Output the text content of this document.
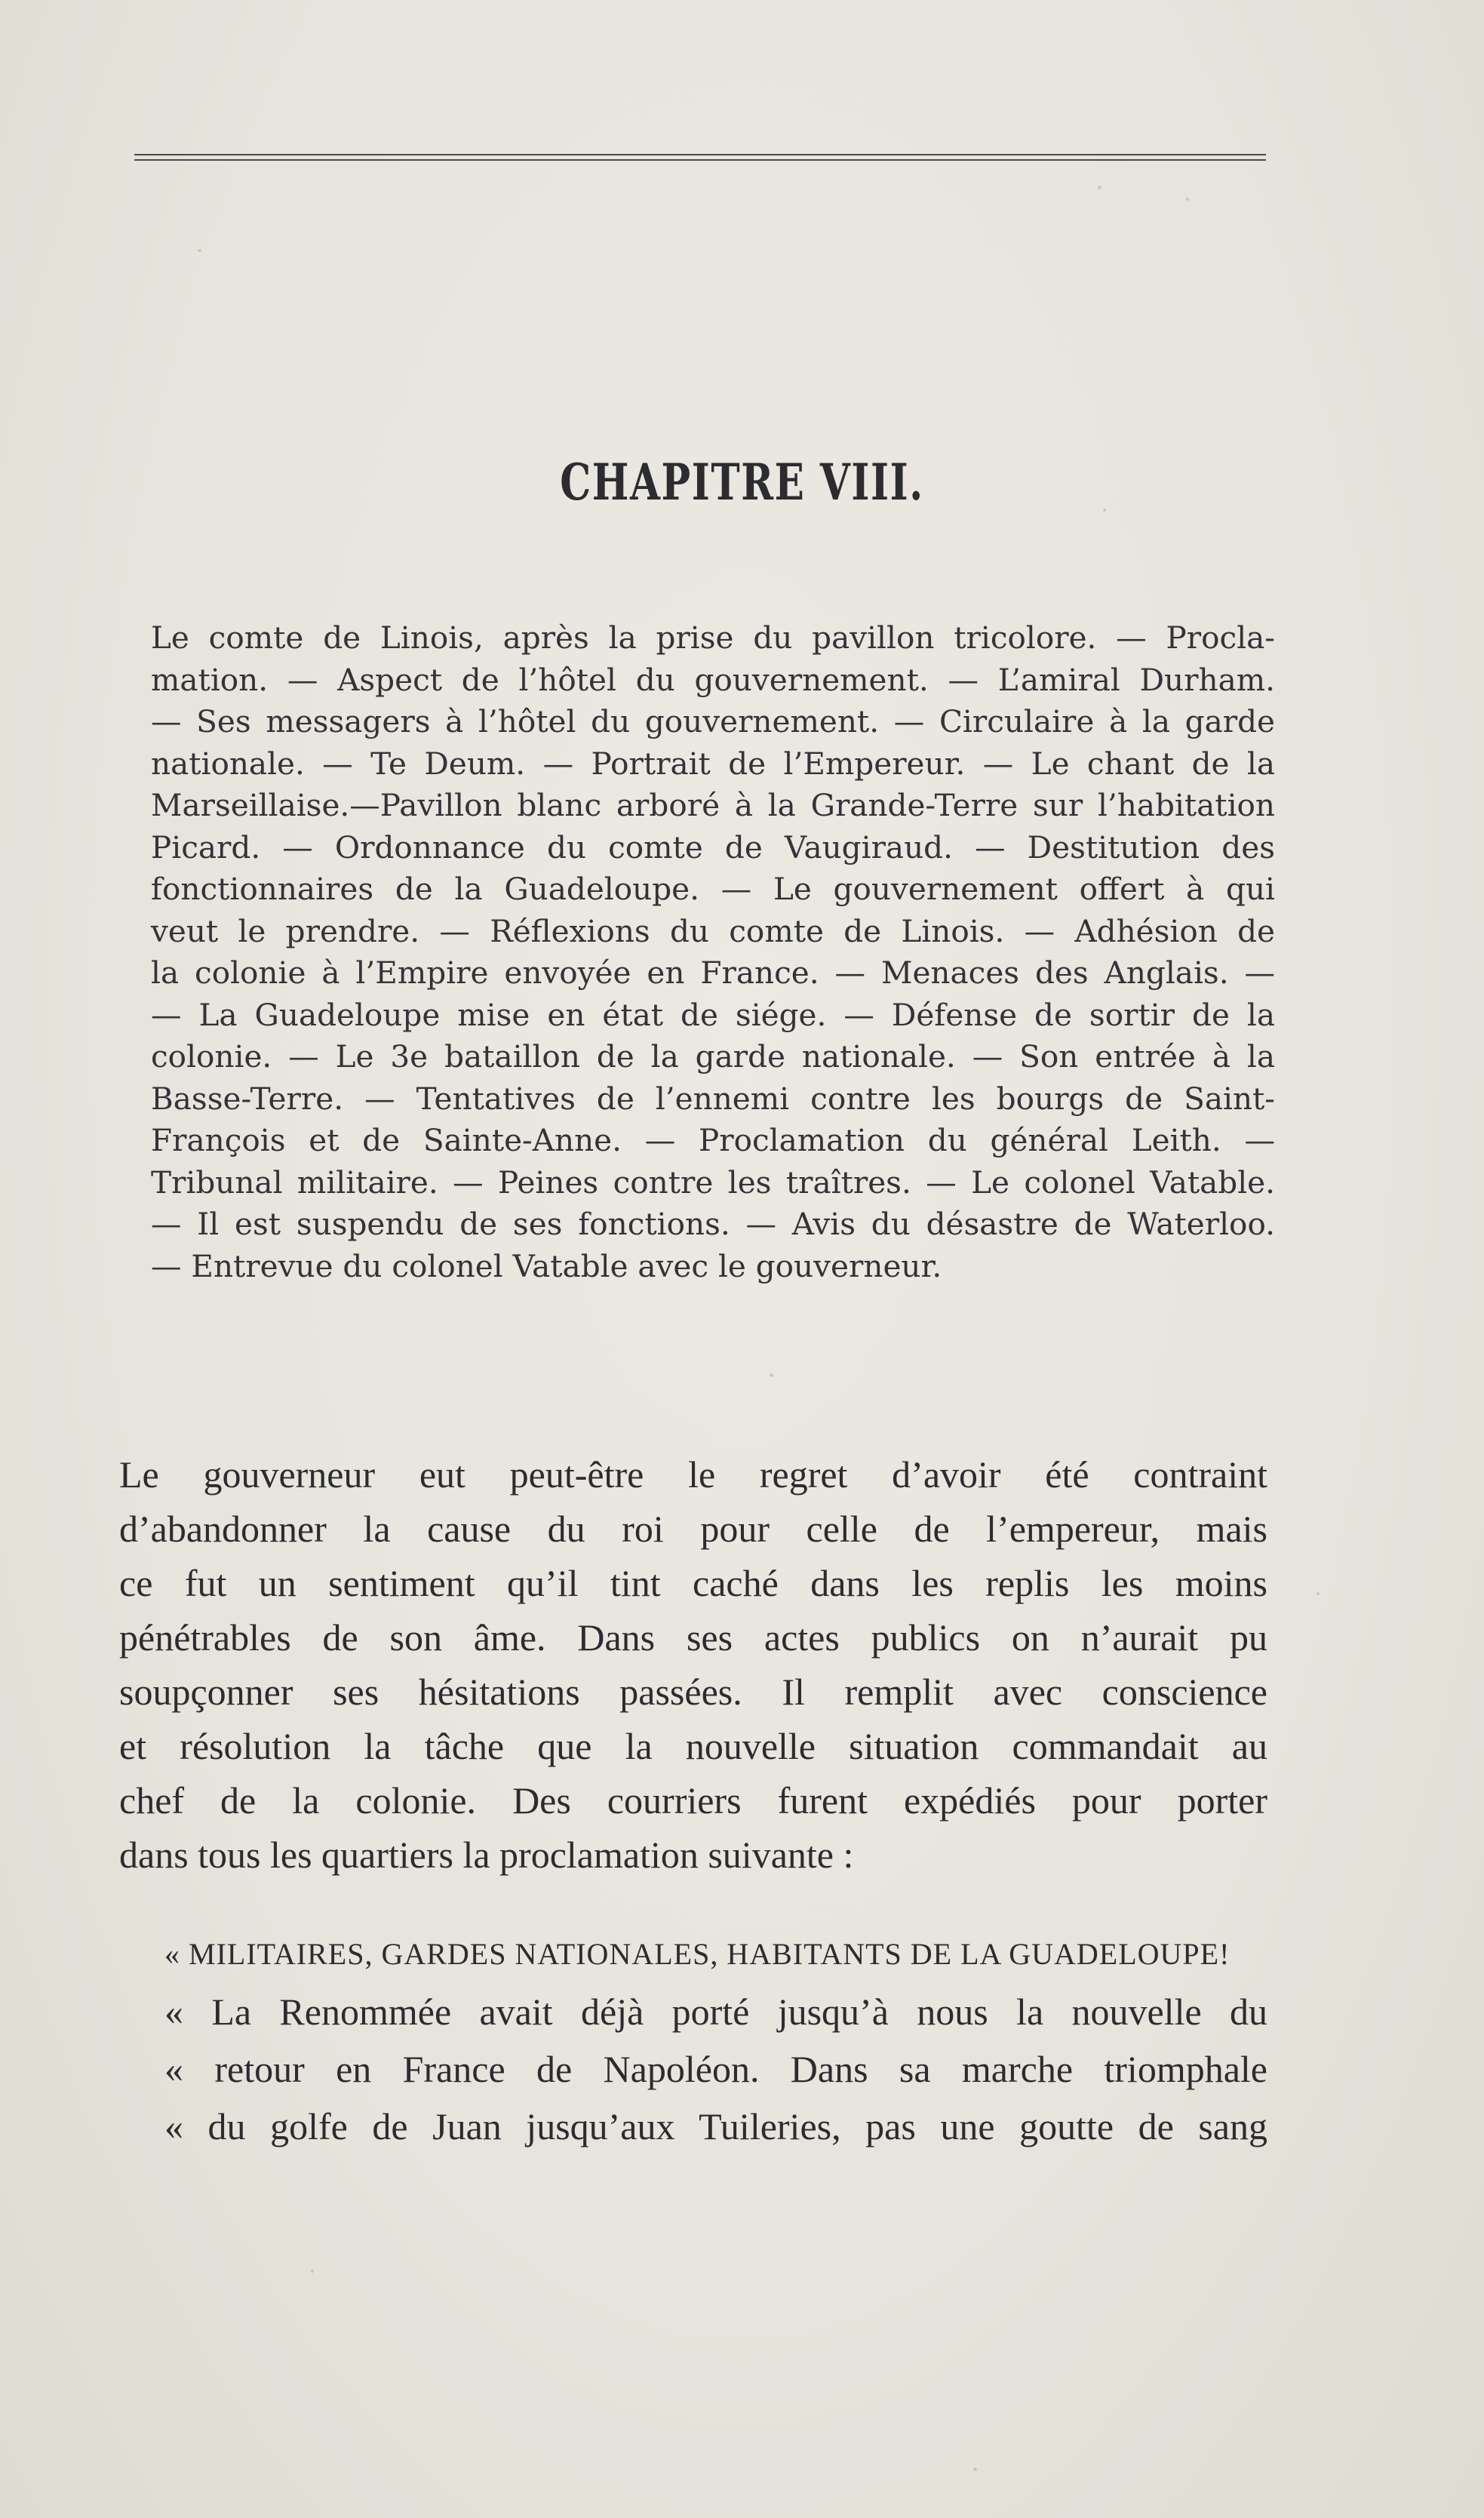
CHAPITRE VIII.
Le comte de Linois, après la prise du pavillon tricolore. — Procla-
mation. — Aspect de l’hôtel du gouvernement. — L’amiral Durham.
— Ses messagers à l’hôtel du gouvernement. — Circulaire à la garde
nationale. — Te Deum. — Portrait de l’Empereur. — Le chant de la
Marseillaise.—Pavillon blanc arboré à la Grande-Terre sur l’habitation
Picard. — Ordonnance du comte de Vaugiraud. — Destitution des
fonctionnaires de la Guadeloupe. — Le gouvernement offert à qui
veut le prendre. — Réflexions du comte de Linois. — Adhésion de
la colonie à l’Empire envoyée en France. — Menaces des Anglais. —
— La Guadeloupe mise en état de siége. — Défense de sortir de la
colonie. — Le 3e bataillon de la garde nationale. — Son entrée à la
Basse-Terre. — Tentatives de l’ennemi contre les bourgs de Saint-
François et de Sainte-Anne. — Proclamation du général Leith. —
Tribunal militaire. — Peines contre les traîtres. — Le colonel Vatable.
— Il est suspendu de ses fonctions. — Avis du désastre de Waterloo.
— Entrevue du colonel Vatable avec le gouverneur.
Le gouverneur eut peut-être le regret d’avoir été contraint
d’abandonner la cause du roi pour celle de l’empereur, mais
ce fut un sentiment qu’il tint caché dans les replis les moins
pénétrables de son âme. Dans ses actes publics on n’aurait pu
soupçonner ses hésitations passées. Il remplit avec conscience
et résolution la tâche que la nouvelle situation commandait au
chef de la colonie. Des courriers furent expédiés pour porter
dans tous les quartiers la proclamation suivante :
« MILITAIRES, GARDES NATIONALES, HABITANTS DE LA GUADELOUPE!
« La Renommée avait déjà porté jusqu’à nous la nouvelle du
« retour en France de Napoléon. Dans sa marche triomphale
« du golfe de Juan jusqu’aux Tuileries, pas une goutte de sang
